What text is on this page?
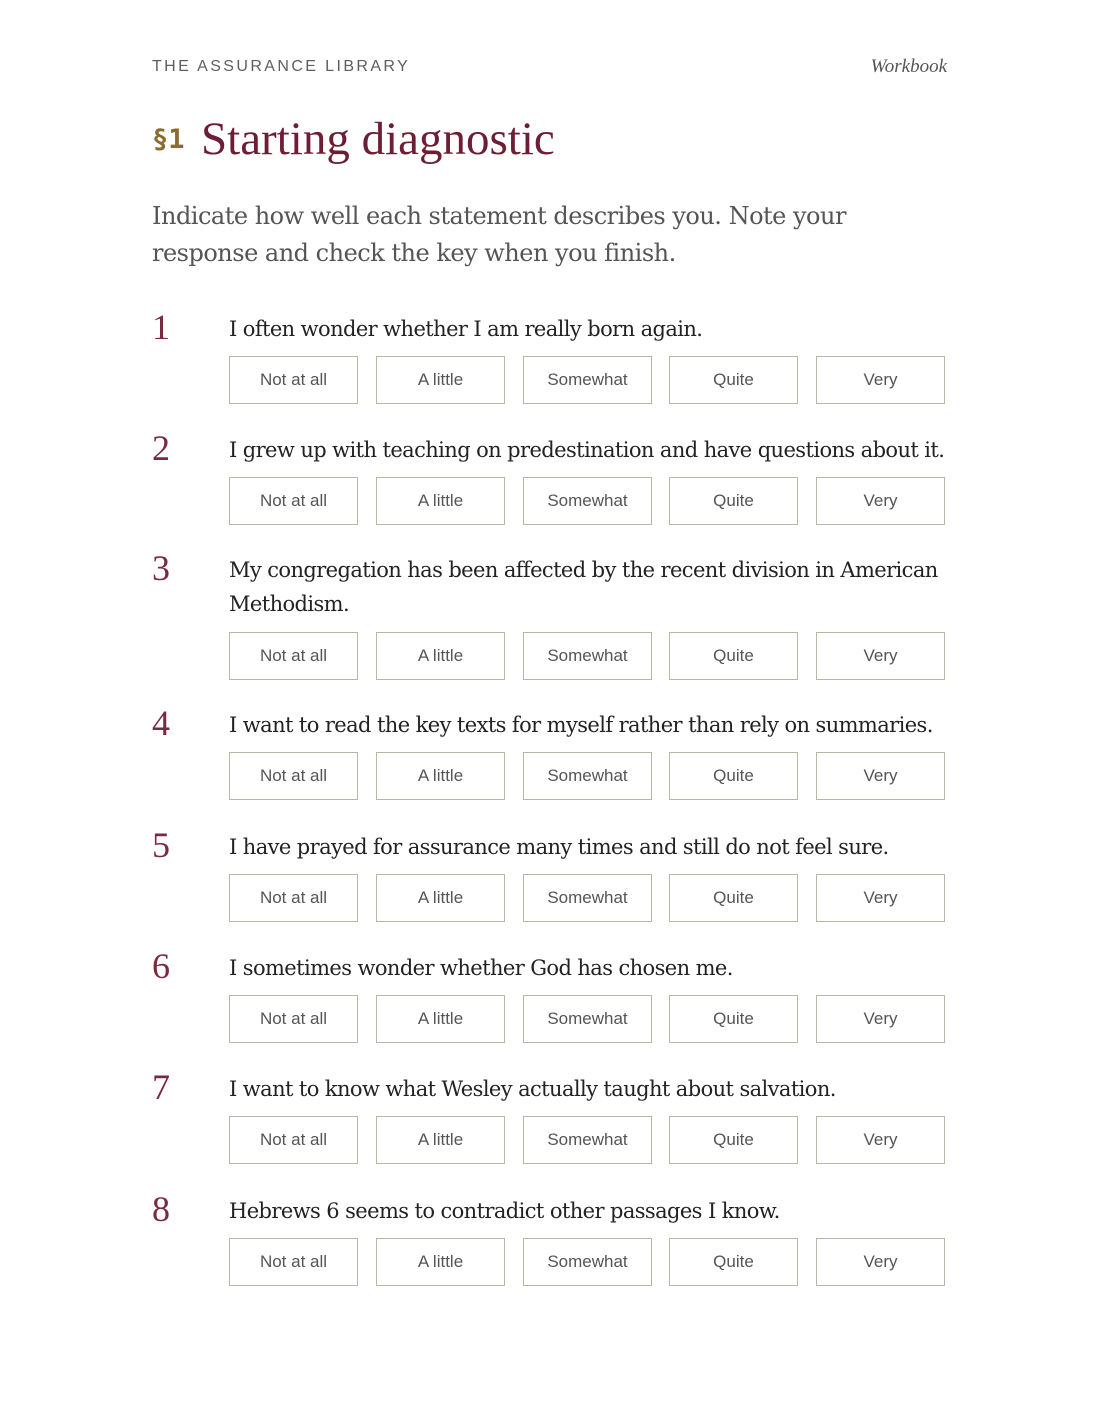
THE ASSURANCE LIBRARY	Workbook
§1 Starting diagnostic
Indicate how well each statement describes you. Note your response and check the key when you finish.
1	I often wonder whether I am really born again.
Not at all	A little	Somewhat	Quite	Very
2	I grew up with teaching on predestination and have questions about it.
Not at all	A little	Somewhat	Quite	Very
3	My congregation has been affected by the recent division in American Methodism.
Not at all	A little	Somewhat	Quite	Very
4	I want to read the key texts for myself rather than rely on summaries.
Not at all	A little	Somewhat	Quite	Very
5	I have prayed for assurance many times and still do not feel sure.
Not at all	A little	Somewhat	Quite	Very
6	I sometimes wonder whether God has chosen me.
Not at all	A little	Somewhat	Quite	Very
7	I want to know what Wesley actually taught about salvation.
Not at all	A little	Somewhat	Quite	Very
8	Hebrews 6 seems to contradict other passages I know.
Not at all	A little	Somewhat	Quite	Very
